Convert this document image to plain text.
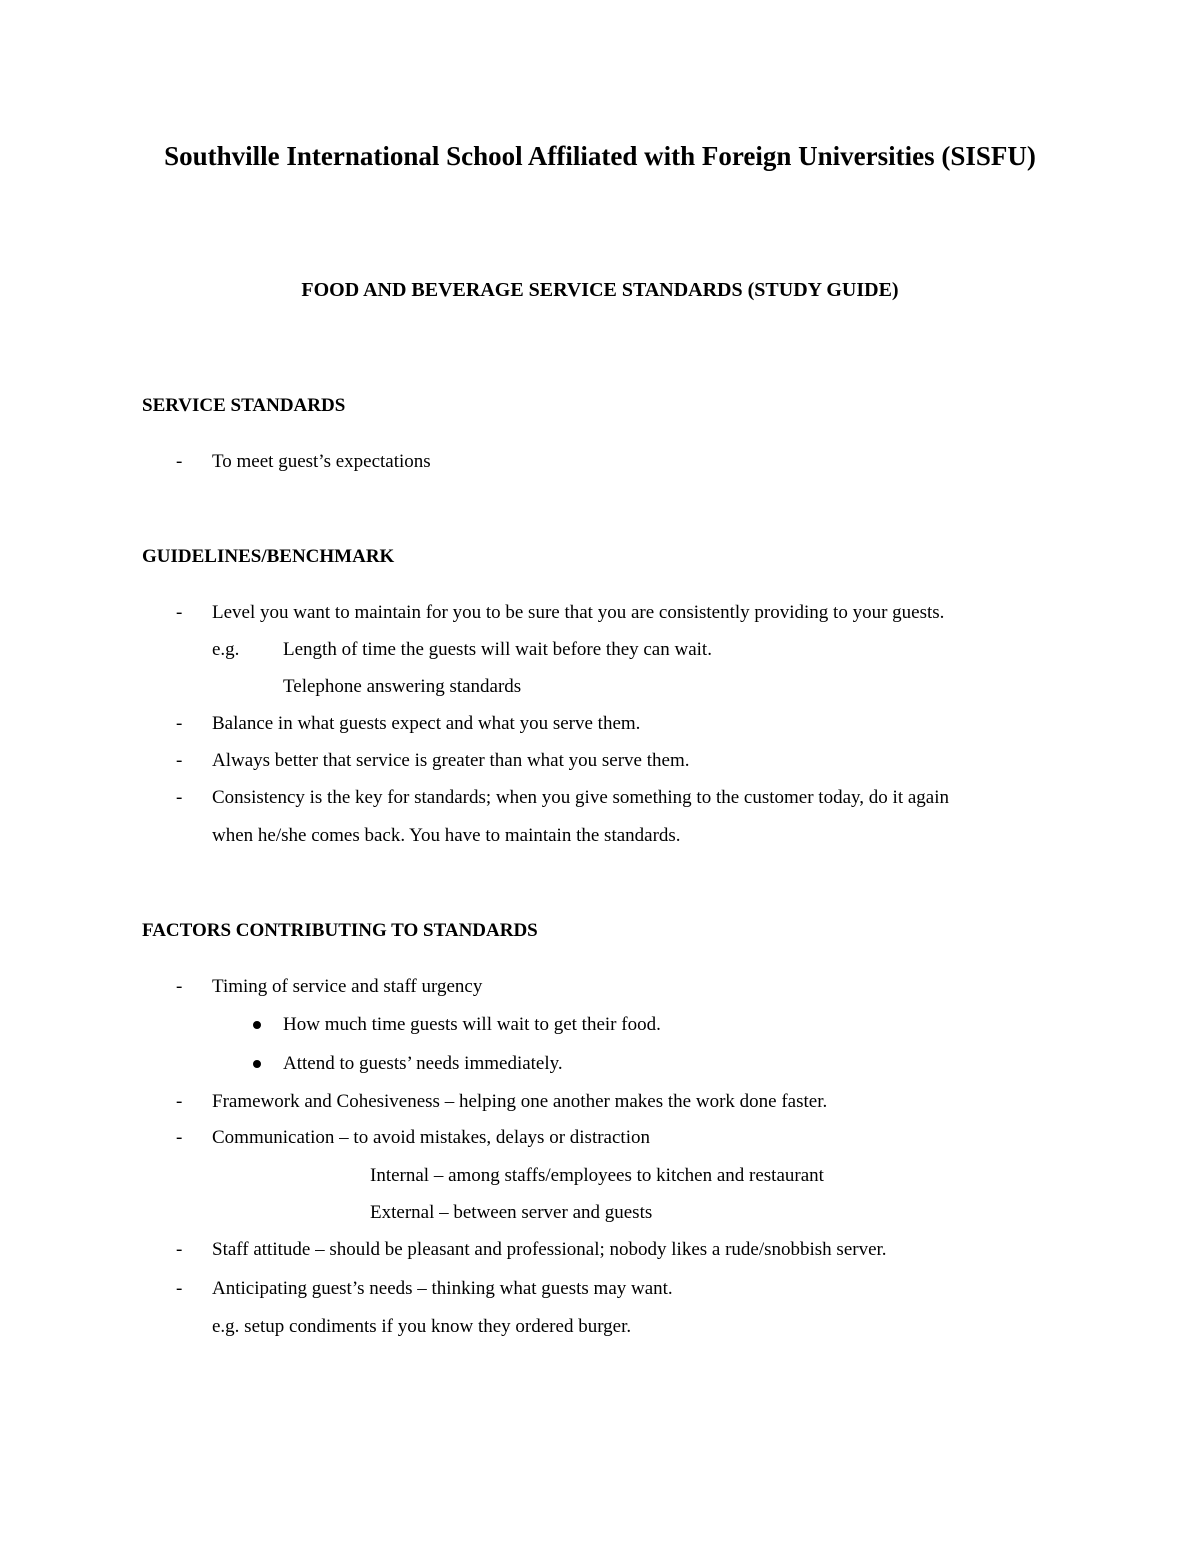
Southville International School Affiliated with Foreign Universities (SISFU)
FOOD AND BEVERAGE SERVICE STANDARDS (STUDY GUIDE)
SERVICE STANDARDS
- To meet guest’s expectations
GUIDELINES/BENCHMARK
- Level you want to maintain for you to be sure that you are consistently providing to your guests.
e.g. Length of time the guests will wait before they can wait.
Telephone answering standards
- Balance in what guests expect and what you serve them.
- Always better that service is greater than what you serve them.
- Consistency is the key for standards; when you give something to the customer today, do it again
when he/she comes back. You have to maintain the standards.
FACTORS CONTRIBUTING TO STANDARDS
- Timing of service and staff urgency
How much time guests will wait to get their food.
Attend to guests’ needs immediately.
- Framework and Cohesiveness – helping one another makes the work done faster.
- Communication – to avoid mistakes, delays or distraction
Internal – among staffs/employees to kitchen and restaurant
External – between server and guests
- Staff attitude – should be pleasant and professional; nobody likes a rude/snobbish server.
- Anticipating guest’s needs – thinking what guests may want.
e.g. setup condiments if you know they ordered burger.
